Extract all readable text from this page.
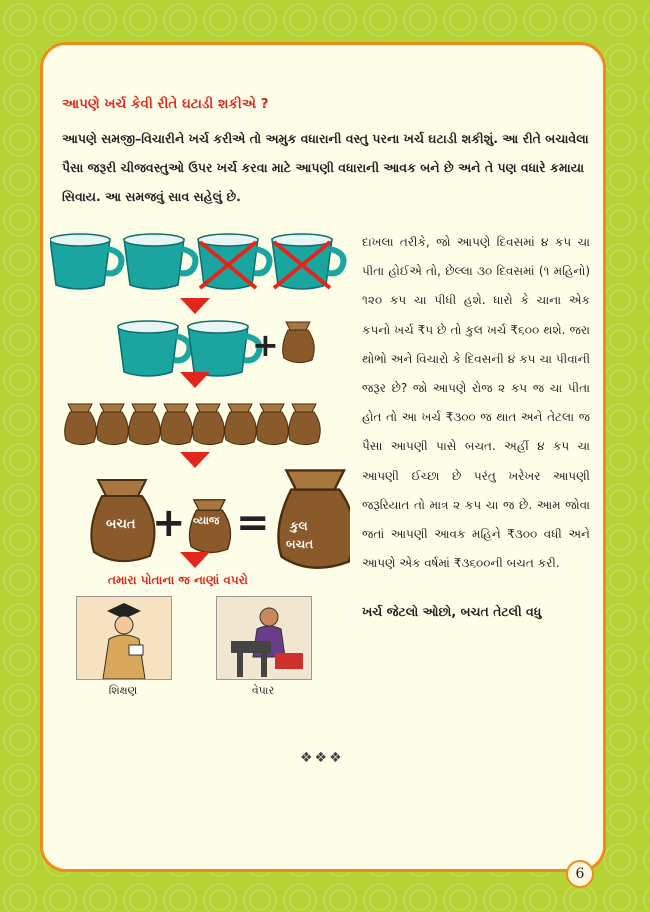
આપણે ખર્ચ કેવી રીતે ઘટાડી શકીએ ?

આપણે સમજી–વિચારીને ખર્ચ કરીએ તો અમુક વધારાની વસ્તુ પરના ખર્ચ ઘટાડી શકીશું. આ રીતે બચાવેલા પૈસા જરૂરી ચીજવસ્તુઓ ઉપર ખર્ચ કરવા માટે આપણી વધારાની આવક બને છે અને તે પણ વધારે કમાયા સિવાય. આ સમજવું સાવ સહેલું છે.

દાખલા તરીકે, જો આપણે દિવસમાં ૪ કપ ચા પીતા હોઈએ તો, છેલ્લા ૩૦ દિવસમાં (૧ મહિનો) ૧૨૦ કપ ચા પીધી હશે. ધારો કે ચાના એક કપનો ખર્ચ ₹૫ છે તો કુલ ખર્ચ ₹૬૦૦ થશે. જરા થોભો અને વિચારો કે દિવસની ૪ કપ ચા પીવાની જરૂર છે? જો આપણે રોજ ૨ કપ જ ચા પીતા હોત તો આ ખર્ચ ₹૩૦૦ જ થાત અને તેટલા જ પૈસા આપણી પાસે બચત. અહીં ૪ કપ ચા આપણી ઈચ્છા છે પરંતુ ખરેખર આપણી જરૂરિયાત તો માત્ર ૨ કપ ચા જ છે. આમ જોવા જતાં આપણી આવક મહિને ₹૩૦૦ વધી અને આપણે એક વર્ષમાં ₹૩૬૦૦ની બચત કરી.

ખર્ચ જેટલો ઓછો, બચત તેટલી વધુ

+
બચત + વ્યાજ = કુલ
બચત
તમારા પોતાના જ નાણાં વપરો
શિક્ષણ	વેપાર
❖❖❖
6
